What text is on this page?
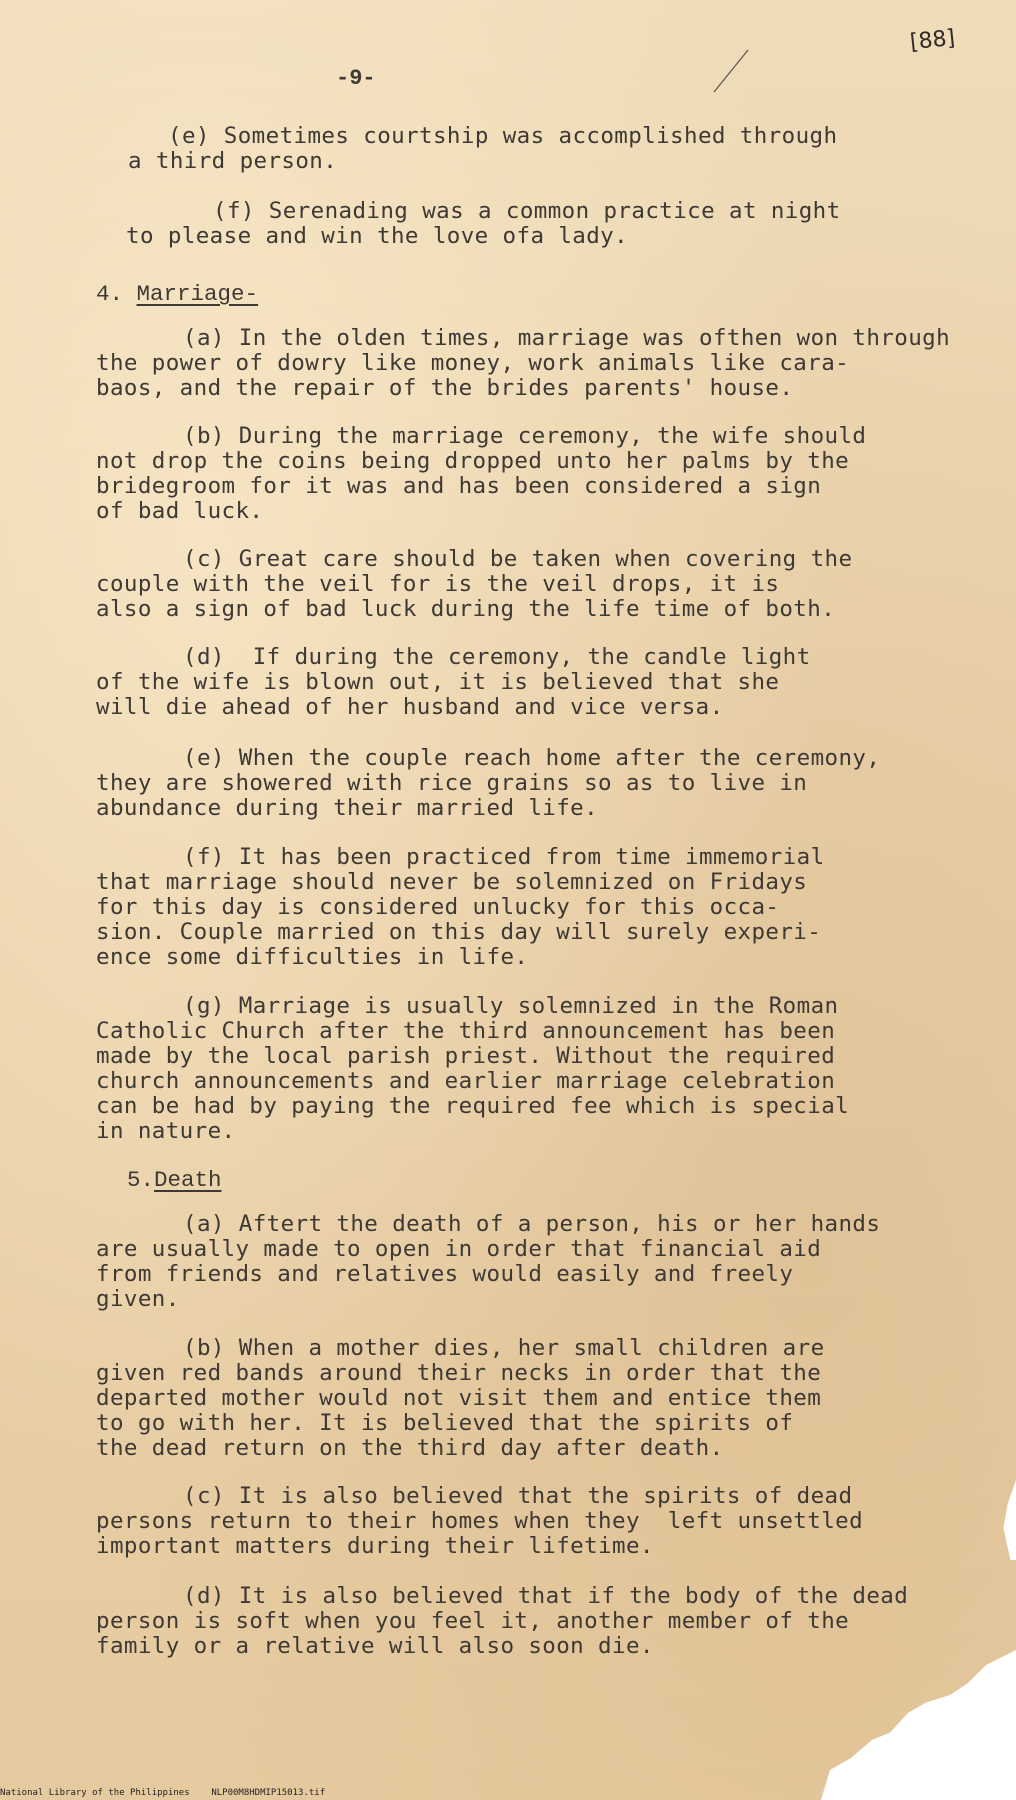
-9-
[88]
(e) Sometimes courtship was accomplished through
a third person.
(f) Serenading was a common practice at night
to please and win the love ofa lady.
4. Marriage-
(a) In the olden times, marriage was ofthen won through
the power of dowry like money, work animals like cara-
baos, and the repair of the brides parents' house.
(b) During the marriage ceremony, the wife should
not drop the coins being dropped unto her palms by the
bridegroom for it was and has been considered a sign
of bad luck.
(c) Great care should be taken when covering the
couple with the veil for is the veil drops, it is
also a sign of bad luck during the life time of both.
(d)  If during the ceremony, the candle light
of the wife is blown out, it is believed that she
will die ahead of her husband and vice versa.
(e) When the couple reach home after the ceremony,
they are showered with rice grains so as to live in
abundance during their married life.
(f) It has been practiced from time immemorial
that marriage should never be solemnized on Fridays
for this day is considered unlucky for this occa-
sion. Couple married on this day will surely experi-
ence some difficulties in life.
(g) Marriage is usually solemnized in the Roman
Catholic Church after the third announcement has been
made by the local parish priest. Without the required
church announcements and earlier marriage celebration
can be had by paying the required fee which is special
in nature.
5.Death
(a) Aftert the death of a person, his or her hands
are usually made to open in order that financial aid
from friends and relatives would easily and freely
given.
(b) When a mother dies, her small children are
given red bands around their necks in order that the
departed mother would not visit them and entice them
to go with her. It is believed that the spirits of
the dead return on the third day after death.
(c) It is also believed that the spirits of dead
persons return to their homes when they  left unsettled
important matters during their lifetime.
(d) It is also believed that if the body of the dead
person is soft when you feel it, another member of the
family or a relative will also soon die.
National Library of the Philippines    NLP00M8HDMIP15013.tif
